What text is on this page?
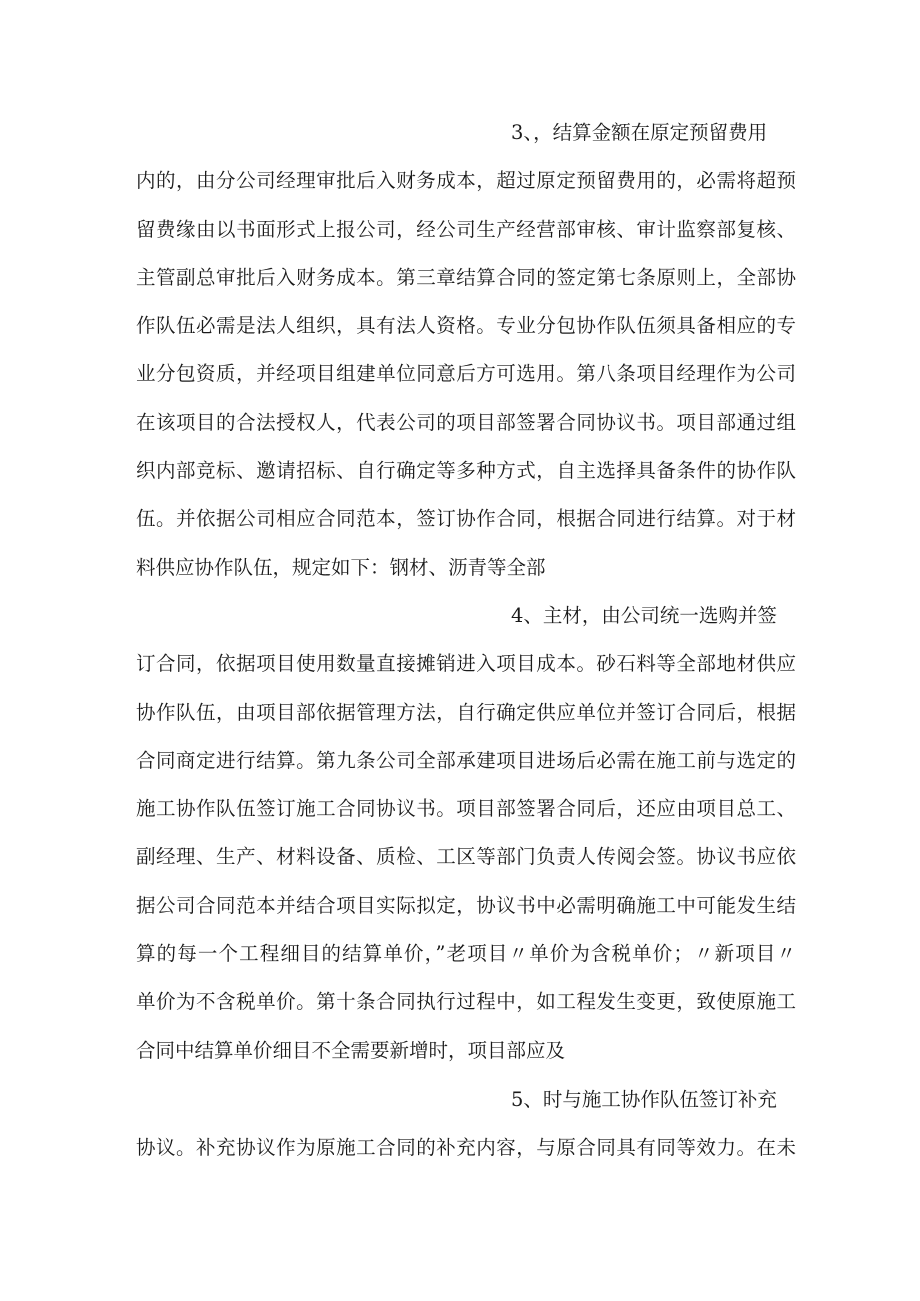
3、，结算金额在原定预留费用
内的，由分公司经理审批后入财务成本，超过原定预留费用的，必需将超预
留费缘由以书面形式上报公司，经公司生产经营部审核、审计监察部复核、
主管副总审批后入财务成本。第三章结算合同的签定第七条原则上，全部协
作队伍必需是法人组织，具有法人资格。专业分包协作队伍须具备相应的专
业分包资质，并经项目组建单位同意后方可选用。第八条项目经理作为公司
在该项目的合法授权人，代表公司的项目部签署合同协议书。项目部通过组
织内部竞标、邀请招标、自行确定等多种方式，自主选择具备条件的协作队
伍。并依据公司相应合同范本，签订协作合同，根据合同进行结算。对于材
料供应协作队伍，规定如下：钢材、沥青等全部
4、主材，由公司统一选购并签
订合同，依据项目使用数量直接摊销进入项目成本。砂石料等全部地材供应
协作队伍，由项目部依据管理方法，自行确定供应单位并签订合同后，根据
合同商定进行结算。第九条公司全部承建项目进场后必需在施工前与选定的
施工协作队伍签订施工合同协议书。项目部签署合同后，还应由项目总工、
副经理、生产、材料设备、质检、工区等部门负责人传阅会签。协议书应依
据公司合同范本并结合项目实际拟定，协议书中必需明确施工中可能发生结
算的每一个工程细目的结算单价，”老项目〃单价为含税单价；〃新项目〃
单价为不含税单价。第十条合同执行过程中，如工程发生变更，致使原施工
合同中结算单价细目不全需要新增时，项目部应及
5、时与施工协作队伍签订补充
协议。补充协议作为原施工合同的补充内容，与原合同具有同等效力。在未
